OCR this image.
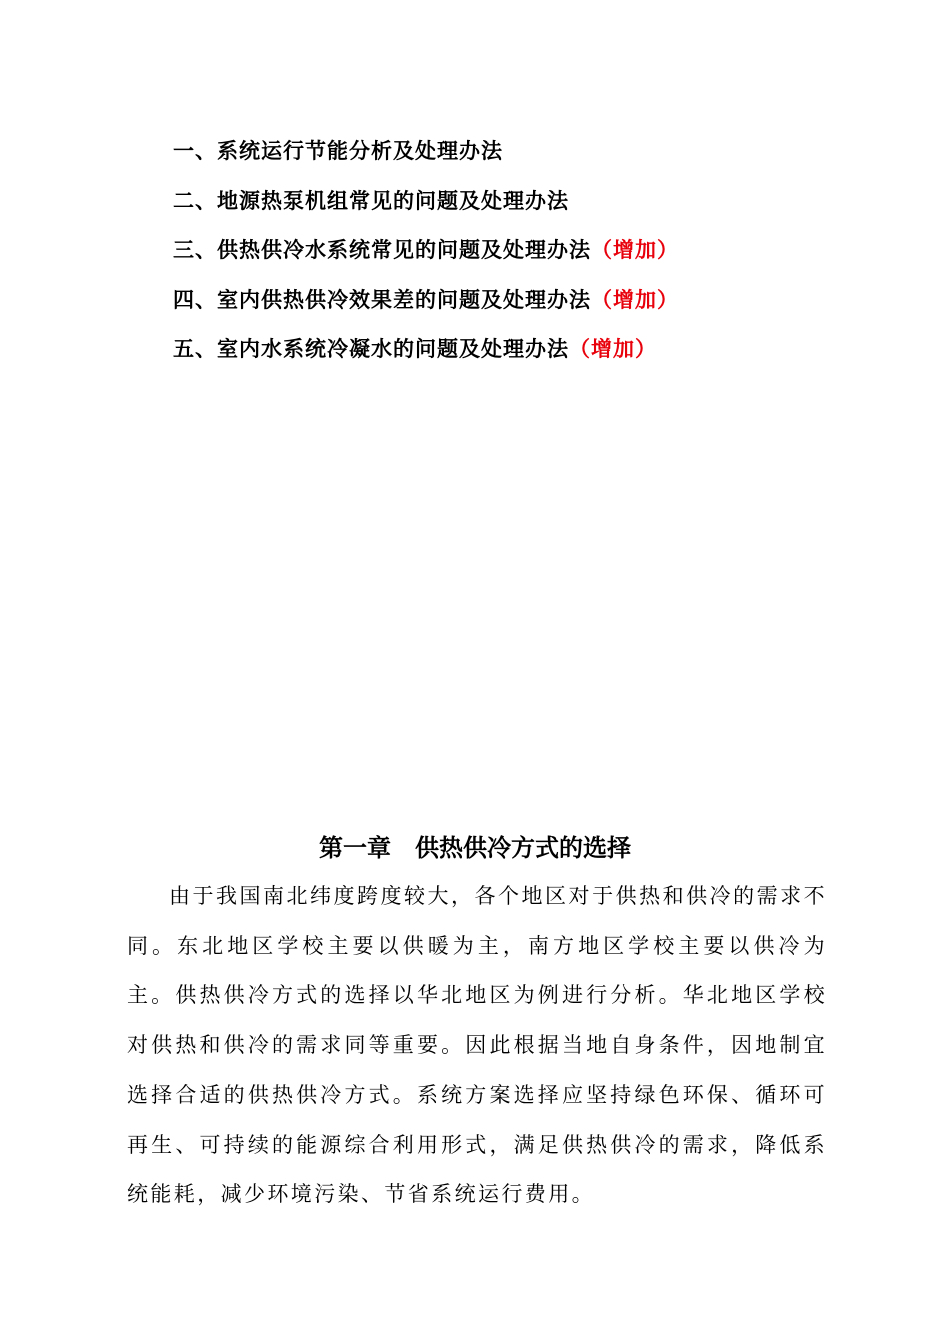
一、系统运行节能分析及处理办法
二、地源热泵机组常见的问题及处理办法
三、供热供冷水系统常见的问题及处理办法（增加）
四、室内供热供冷效果差的问题及处理办法（增加）
五、室内水系统冷凝水的问题及处理办法（增加）
第一章　供热供冷方式的选择

由于我国南北纬度跨度较大，各个地区对于供热和供冷的需求不同。东北地区学校主要以供暖为主，南方地区学校主要以供冷为主。供热供冷方式的选择以华北地区为例进行分析。华北地区学校对供热和供冷的需求同等重要。因此根据当地自身条件，因地制宜选择合适的供热供冷方式。系统方案选择应坚持绿色环保、循环可再生、可持续的能源综合利用形式，满足供热供冷的需求，降低系统能耗，减少环境污染、节省系统运行费用。
